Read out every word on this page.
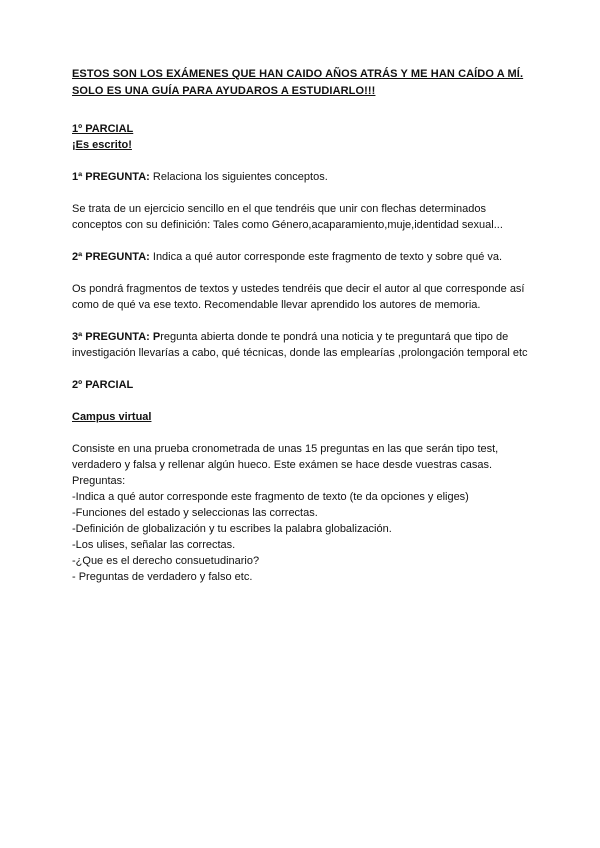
ESTOS SON LOS EXÁMENES QUE HAN CAIDO AÑOS ATRÁS Y ME HAN CAÍDO A MÍ.
SOLO ES UNA GUÍA PARA AYUDAROS A ESTUDIARLO!!!
1º PARCIAL
¡Es escrito!

1ª PREGUNTA: Relaciona los siguientes conceptos.

Se trata de un ejercicio sencillo en el que tendréis que unir con flechas determinados conceptos con su definición: Tales como Género,acaparamiento,muje,identidad sexual...

2ª PREGUNTA: Indica a qué autor corresponde este fragmento de texto y sobre qué va.

Os pondrá fragmentos de textos y ustedes tendréis que decir el autor al que corresponde así como de qué va ese texto. Recomendable llevar aprendido los autores de memoria.

3ª PREGUNTA: Pregunta abierta donde te pondrá una noticia y te preguntará que tipo de investigación llevarías a cabo, qué técnicas, donde las emplearías ,prolongación temporal etc

2º PARCIAL

Campus virtual

Consiste en una prueba cronometrada de unas 15 preguntas en las que serán tipo test, verdadero y falsa y rellenar algún hueco. Este exámen se hace desde vuestras casas.
Preguntas:
-Indica a qué autor corresponde este fragmento de texto (te da opciones y eliges)
-Funciones del estado y seleccionas las correctas.
-Definición de globalización y tu escribes la palabra globalización.
-Los ulises, señalar las correctas.
-¿Que es el derecho consuetudinario?
- Preguntas de verdadero y falso etc.
